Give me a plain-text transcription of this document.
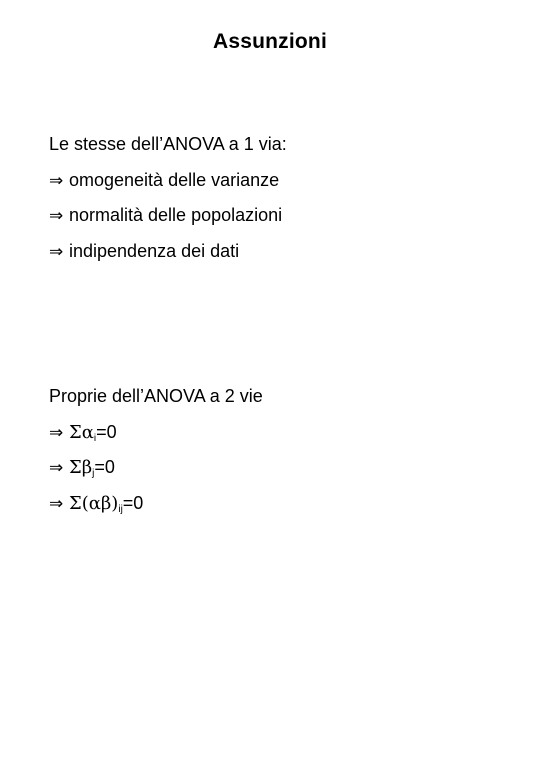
Assunzioni
Le stesse dell’ANOVA a 1 via:
⇒ omogeneità delle varianze
⇒ normalità delle popolazioni
⇒ indipendenza dei dati
Proprie dell’ANOVA a 2 vie
⇒ $\Sigma\alpha_i=0$
⇒ $\Sigma\beta_j=0$
⇒ $\Sigma(\alpha\beta)_{ij}=0$
